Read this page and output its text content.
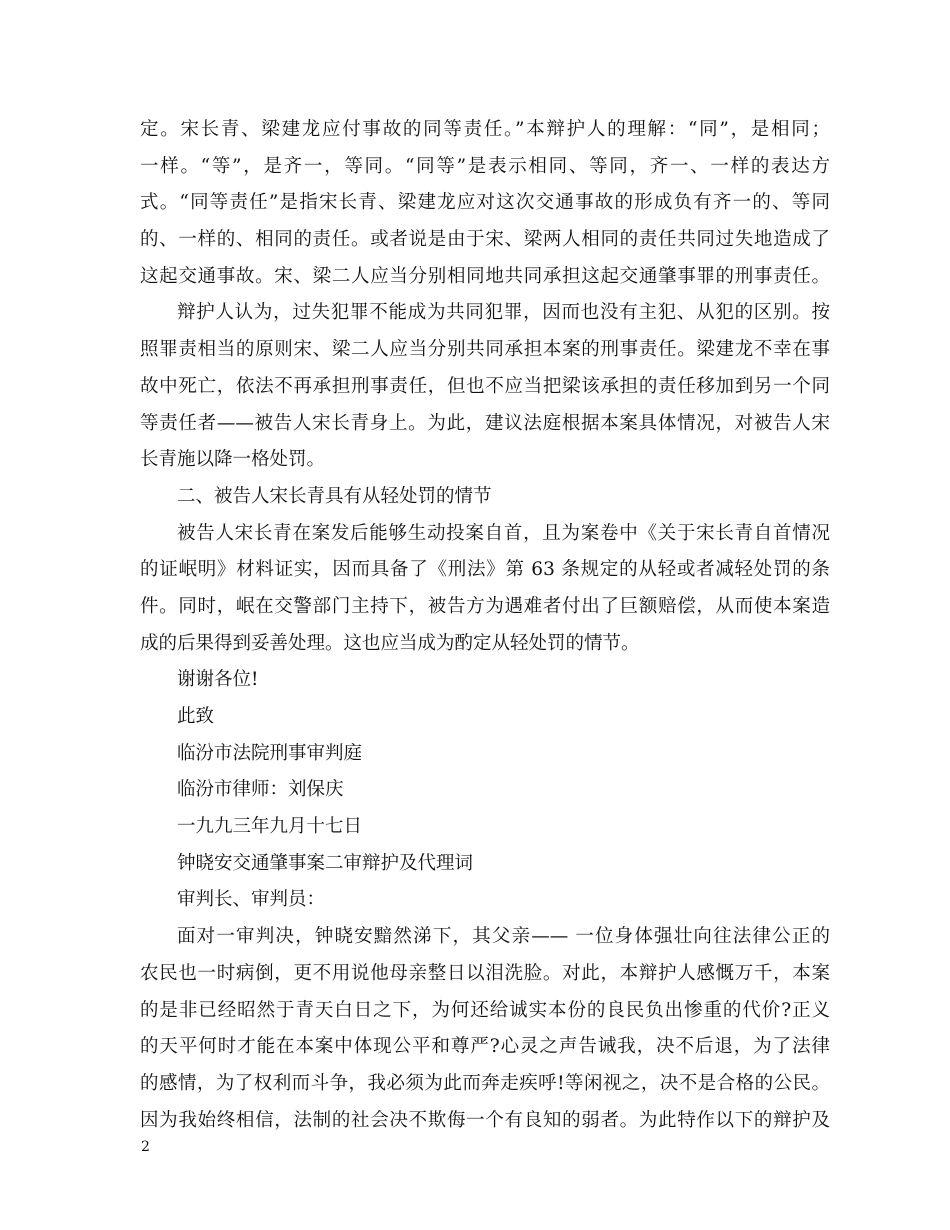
定。宋长青、梁建龙应付事故的同等责任。”本辩护人的理解：“同”，是相同；
一样。“等”，是齐一，等同。“同等”是表示相同、等同，齐一、一样的表达方
式。“同等责任”是指宋长青、梁建龙应对这次交通事故的形成负有齐一的、等同
的、一样的、相同的责任。或者说是由于宋、梁两人相同的责任共同过失地造成了
这起交通事故。宋、梁二人应当分别相同地共同承担这起交通肇事罪的刑事责任。
辩护人认为，过失犯罪不能成为共同犯罪，因而也没有主犯、从犯的区别。按
照罪责相当的原则宋、梁二人应当分别共同承担本案的刑事责任。梁建龙不幸在事
故中死亡，依法不再承担刑事责任，但也不应当把梁该承担的责任移加到另一个同
等责任者——被告人宋长青身上。为此，建议法庭根据本案具体情况，对被告人宋
长青施以降一格处罚。
二、被告人宋长青具有从轻处罚的情节
被告人宋长青在案发后能够生动投案自首，且为案卷中《关于宋长青自首情况
的证岷明》材料证实，因而具备了《刑法》第 63 条规定的从轻或者减轻处罚的条
件。同时，岷在交警部门主持下，被告方为遇难者付出了巨额赔偿，从而使本案造
成的后果得到妥善处理。这也应当成为酌定从轻处罚的情节。
谢谢各位!
此致
临汾市法院刑事审判庭
临汾市律师：刘保庆
一九九三年九月十七日
钟晓安交通肇事案二审辩护及代理词
审判长、审判员：
面对一审判决，钟晓安黯然涕下，其父亲—— 一位身体强壮向往法律公正的
农民也一时病倒，更不用说他母亲整日以泪洗脸。对此，本辩护人感慨万千，本案
的是非已经昭然于青天白日之下，为何还给诚实本份的良民负出惨重的代价?正义
的天平何时才能在本案中体现公平和尊严?心灵之声告诫我，决不后退，为了法律
的感情，为了权利而斗争，我必须为此而奔走疾呼!等闲视之，决不是合格的公民。
因为我始终相信，法制的社会决不欺侮一个有良知的弱者。为此特作以下的辩护及
2
